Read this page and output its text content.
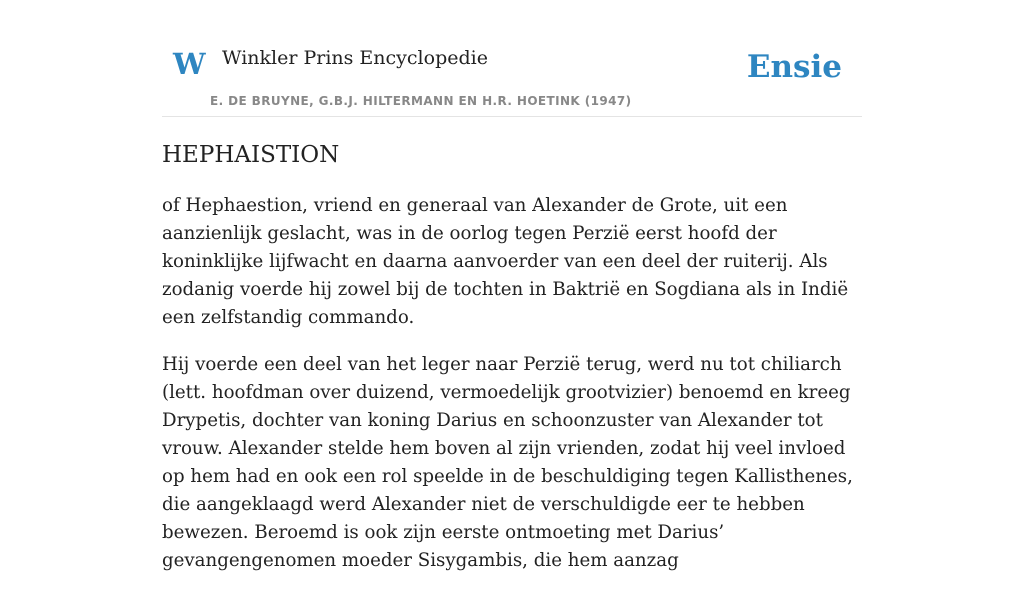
W Winkler Prins Encyclopedie
E. DE BRUYNE, G.B.J. HILTERMANN EN H.R. HOETINK (1947)
Ensie
HEPHAISTION

of Hephaestion, vriend en generaal van Alexander de Grote, uit een aanzienlijk geslacht, was in de oorlog tegen Perzië eerst hoofd der koninklijke lijfwacht en daarna aanvoerder van een deel der ruiterij. Als zodanig voerde hij zowel bij de tochten in Baktrië en Sogdiana als in Indië een zelfstandig commando.

Hij voerde een deel van het leger naar Perzië terug, werd nu tot chiliarch (lett. hoofdman over duizend, vermoedelijk grootvizier) benoemd en kreeg Drypetis, dochter van koning Darius en schoonzuster van Alexander tot vrouw. Alexander stelde hem boven al zijn vrienden, zodat hij veel invloed op hem had en ook een rol speelde in de beschuldiging tegen Kallisthenes, die aangeklaagd werd Alexander niet de verschuldigde eer te hebben bewezen. Beroemd is ook zijn eerste ontmoeting met Darius’ gevangengenomen moeder Sisygambis, die hem aanzag
